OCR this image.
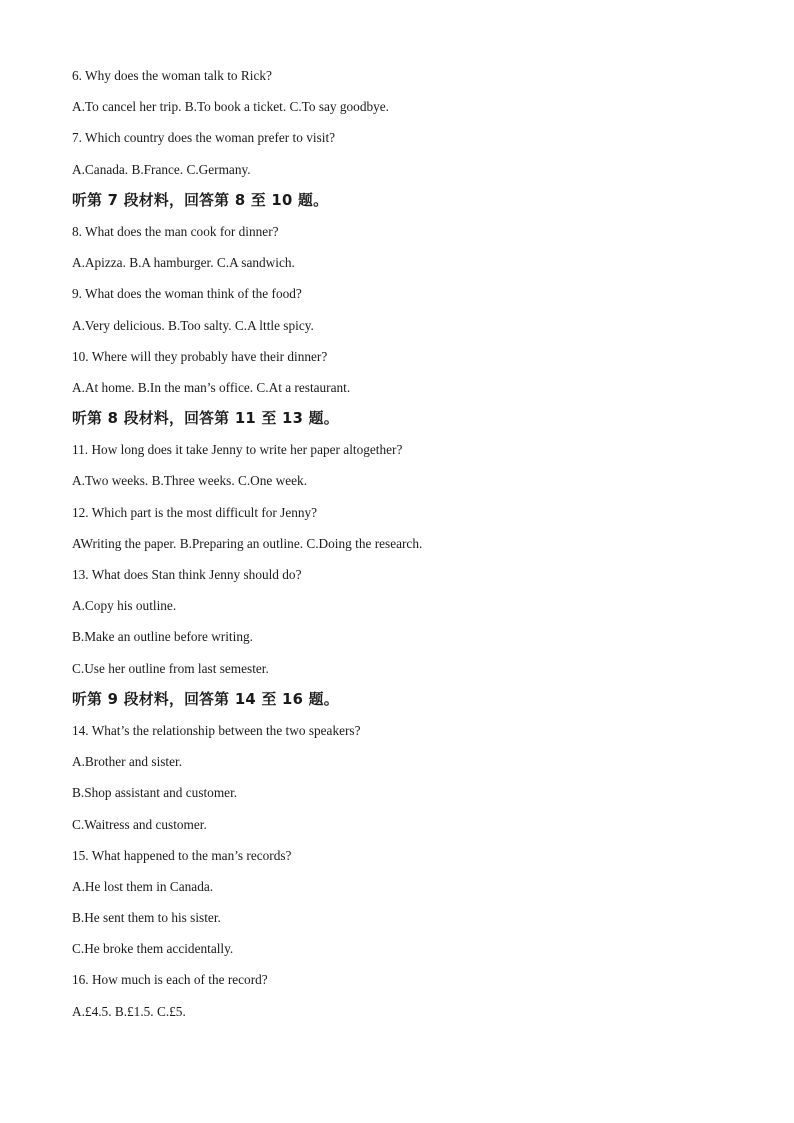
6. Why does the woman talk to Rick?
A.To cancel her trip. B.To book a ticket. C.To say goodbye.
7. Which country does the woman prefer to visit?
A.Canada. B.France. C.Germany.
听第 7 段材料，回答第 8 至 10 题。
8. What does the man cook for dinner?
A.Apizza. B.A hamburger. C.A sandwich.
9. What does the woman think of the food?
A.Very delicious. B.Too salty. C.A lttle spicy.
10. Where will they probably have their dinner?
A.At home. B.In the man’s office. C.At a restaurant.
听第 8 段材料，回答第 11 至 13 题。
11. How long does it take Jenny to write her paper altogether?
A.Two weeks. B.Three weeks. C.One week.
12. Which part is the most difficult for Jenny?
AWriting the paper. B.Preparing an outline. C.Doing the research.
13. What does Stan think Jenny should do?
A.Copy his outline.
B.Make an outline before writing.
C.Use her outline from last semester.
听第 9 段材料，回答第 14 至 16 题。
14. What’s the relationship between the two speakers?
A.Brother and sister.
B.Shop assistant and customer.
C.Waitress and customer.
15. What happened to the man’s records?
A.He lost them in Canada.
B.He sent them to his sister.
C.He broke them accidentally.
16. How much is each of the record?
A.£4.5. B.£1.5. C.£5.
